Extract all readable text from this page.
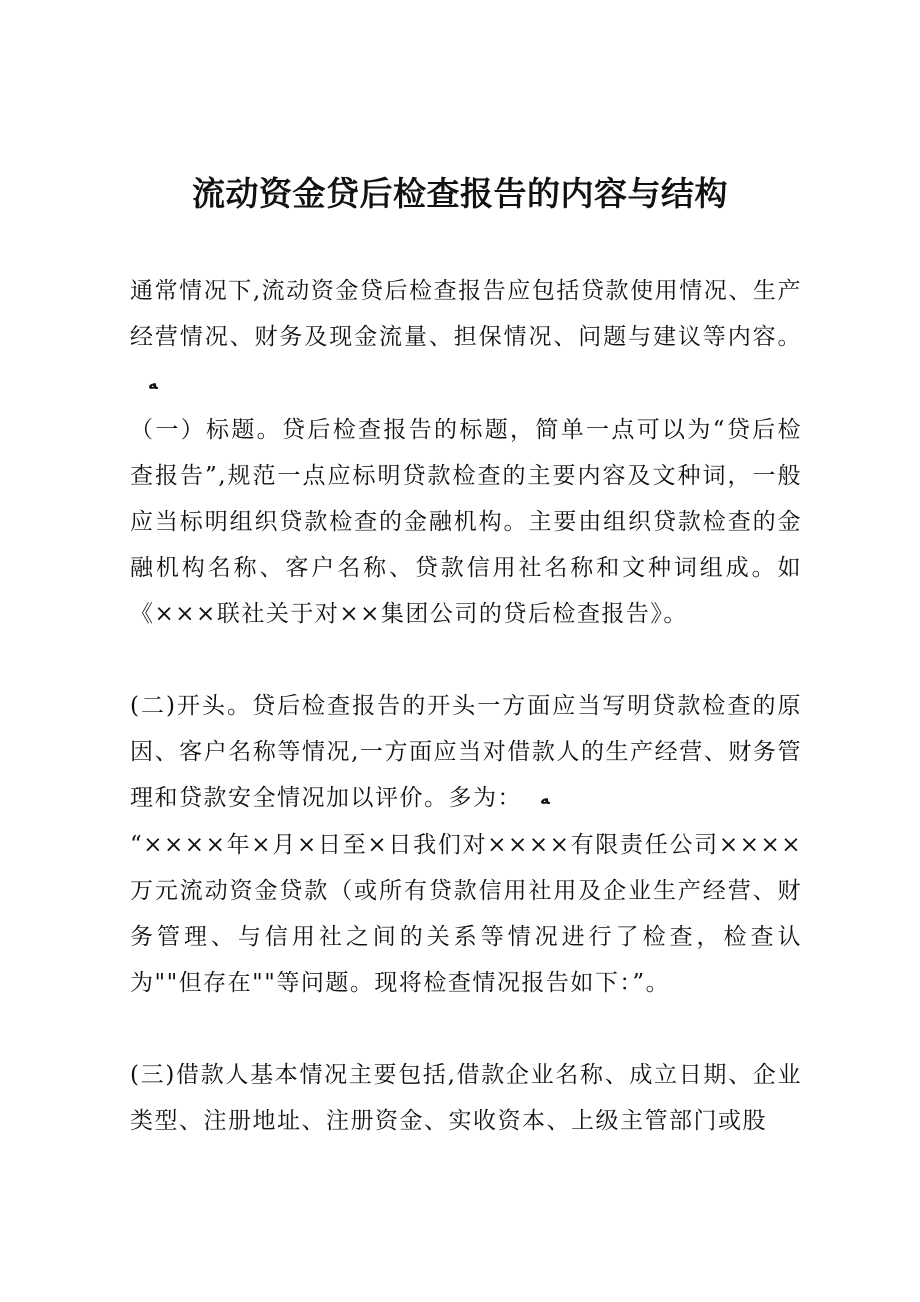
流动资金贷后检查报告的内容与结构

通常情况下,流动资金贷后检查报告应包括贷款使用情况、生产经营情况、财务及现金流量、担保情况、问题与建议等内容。ﻪ

（一）标题。贷后检查报告的标题，简单一点可以为“贷后检查报告”,规范一点应标明贷款检查的主要内容及文种词，一般应当标明组织贷款检查的金融机构。主要由组织贷款检查的金融机构名称、客户名称、贷款信用社名称和文种词组成。如《×××联社关于对××集团公司的贷后检查报告》。

(二)开头。贷后检查报告的开头一方面应当写明贷款检查的原因、客户名称等情况,一方面应当对借款人的生产经营、财务管理和贷款安全情况加以评价。多为： ﻪ

“××××年×月×日至×日我们对××××有限责任公司××××万元流动资金贷款（或所有贷款信用社用及企业生产经营、财务管理、与信用社之间的关系等情况进行了检查，检查认为""但存在""等问题。现将检查情况报告如下：”。

(三)借款人基本情况主要包括,借款企业名称、成立日期、企业类型、注册地址、注册资金、实收资本、上级主管部门或股
